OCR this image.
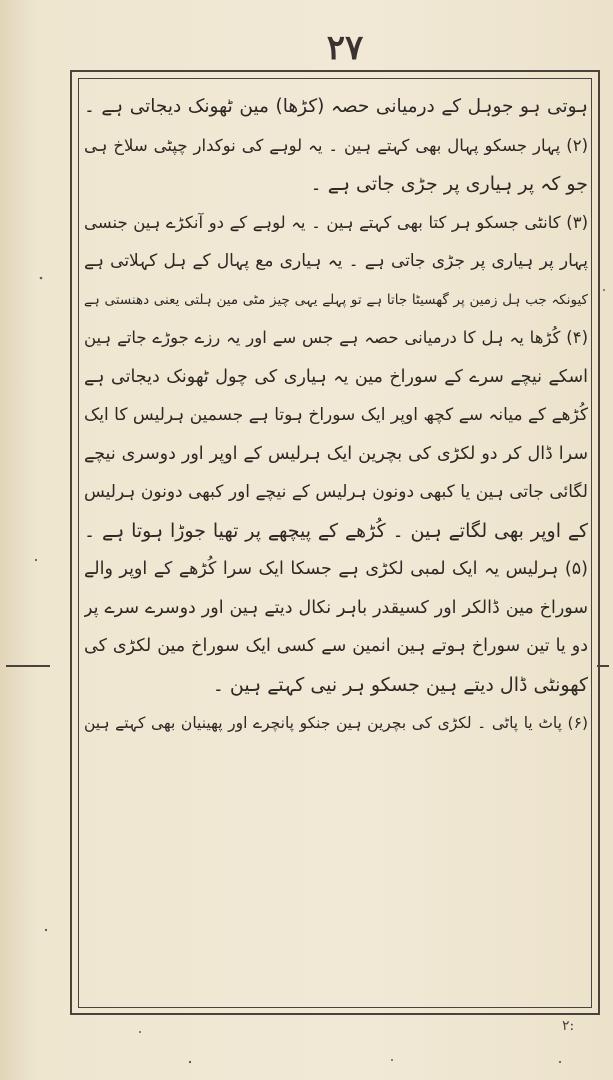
۲۷
ہوتی ہو جوہل کے درمیانی حصہ (کڑھا) مین ٹھونک دیجاتی ہے ۔
(۲) پہار جسکو پہال بھی کہتے ہین ۔ یہ لوہے کی نوکدار چپٹی سلاخ ہی
جو کہ پر ہیاری پر جڑی جاتی ہے ۔
(۳) کانٹی جسکو ہر کتا بھی کہتے ہین ۔ یہ لوہے کے دو آنکڑے ہین جنسی
پہار پر ہیاری پر جڑی جاتی ہے ۔ یہ ہیاری مع پہال کے ہل کہلاتی ہے
کیونکہ جب ہل زمین پر گھسیٹا جاتا ہے تو پہلے یہی چیز مٹی مین ہلتی یعنی دھنستی ہے
(۴) کُڑھا یہ ہل کا درمیانی حصہ ہے جس سے اور یہ رزے جوڑے جاتے ہین
اسکے نیچے سرے کے سوراخ مین یہ ہیاری کی چول ٹھونک دیجاتی ہے
کُڑھے کے میانہ سے کچھ اوپر ایک سوراخ ہوتا ہے جسمین ہرلیس کا ایک
سرا ڈال کر دو لکڑی کی بچرین ایک ہرلیس کے اوپر اور دوسری نیچے
لگائی جاتی ہین یا کبھی دونون ہرلیس کے نیچے اور کبھی دونون ہرلیس
کے اوپر بھی لگاتے ہین ۔ کُڑھے کے پیچھے پر تھیا جوڑا ہوتا ہے ۔
(۵) ہرلیس یہ ایک لمبی لکڑی ہے جسکا ایک سرا کُڑھے کے اوپر والے
سوراخ مین ڈالکر اور کسیقدر باہر نکال دیتے ہین اور دوسرے سرے پر
دو یا تین سوراخ ہوتے ہین انمین سے کسی ایک سوراخ مین لکڑی کی
کھونٹی ڈال دیتے ہین جسکو ہر نیی کہتے ہین ۔
(۶) پاٹ یا پاٹی ۔ لکڑی کی بچرین ہین جنکو پانچرے اور پھینیان بھی کہتے ہین
۲:
